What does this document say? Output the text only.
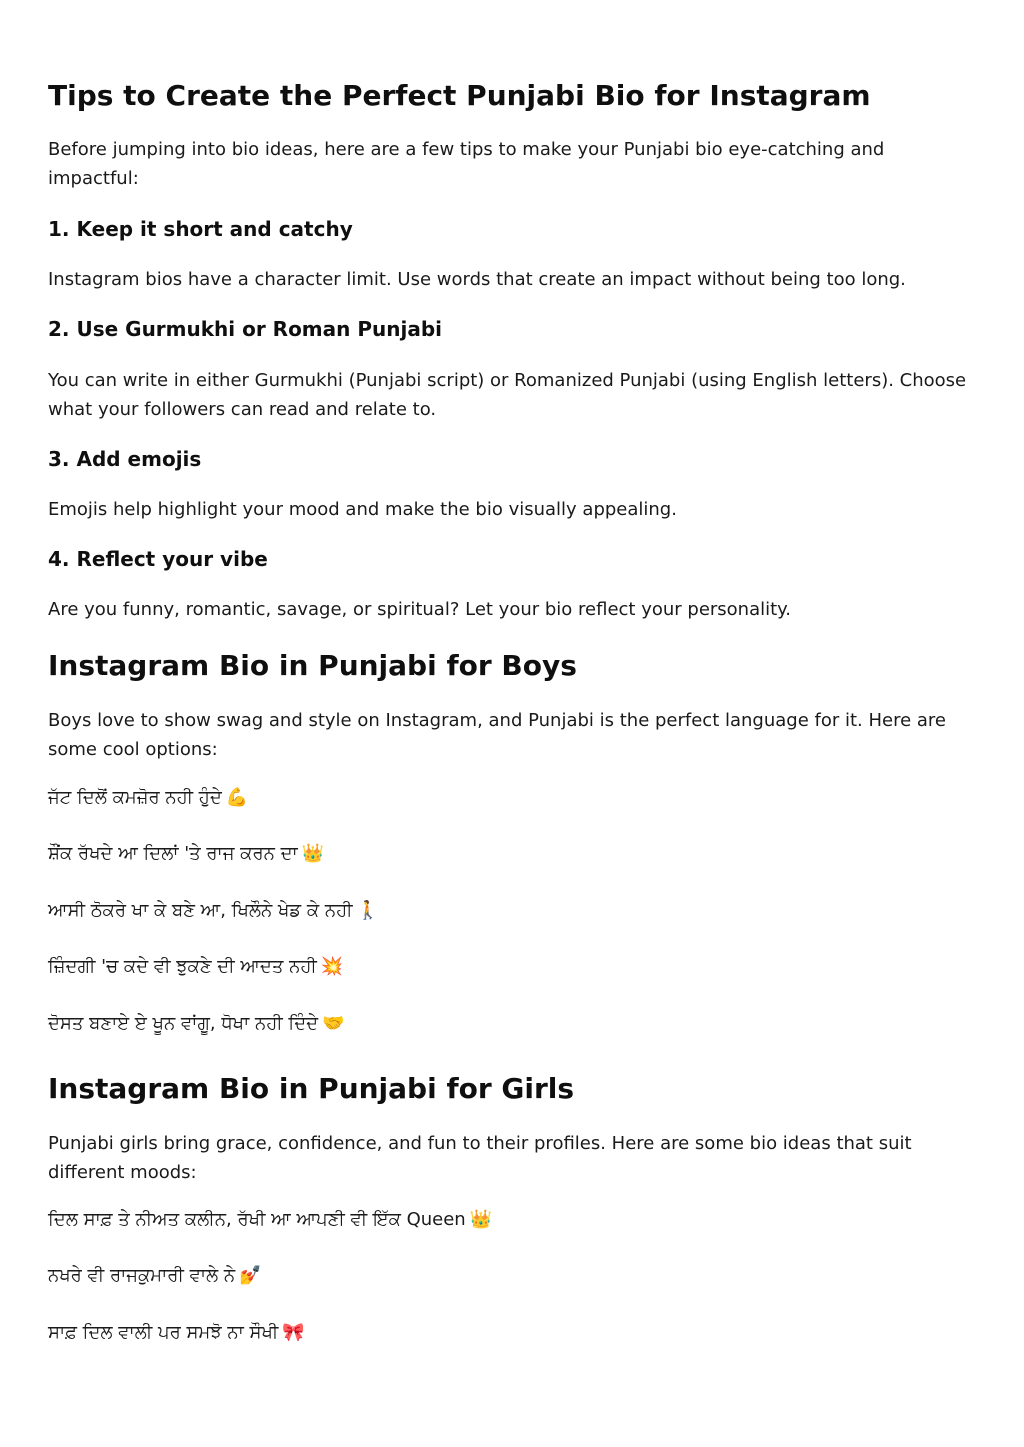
Tips to Create the Perfect Punjabi Bio for Instagram

Before jumping into bio ideas, here are a few tips to make your Punjabi bio eye-catching and impactful:

1. Keep it short and catchy

Instagram bios have a character limit. Use words that create an impact without being too long.

2. Use Gurmukhi or Roman Punjabi

You can write in either Gurmukhi (Punjabi script) or Romanized Punjabi (using English letters). Choose what your followers can read and relate to.

3. Add emojis

Emojis help highlight your mood and make the bio visually appealing.

4. Reflect your vibe

Are you funny, romantic, savage, or spiritual? Let your bio reflect your personality.

Instagram Bio in Punjabi for Boys

Boys love to show swag and style on Instagram, and Punjabi is the perfect language for it. Here are some cool options:

ਜੱਟ ਦਿਲੋਂ ਕਮਜ਼ੋਰ ਨਹੀ ਹੁੰਦੇ 💪
ਸ਼ੌਂਕ ਰੱਖਦੇ ਆ ਦਿਲਾਂ 'ਤੇ ਰਾਜ ਕਰਨ ਦਾ 👑
ਆਸੀ ਠੋਕਰੇ ਖਾ ਕੇ ਬਣੇ ਆ, ਖਿਲੌਨੇ ਖੇਡ ਕੇ ਨਹੀ 🚶
ਜ਼ਿੰਦਗੀ 'ਚ ਕਦੇ ਵੀ ਝੁਕਣੇ ਦੀ ਆਦਤ ਨਹੀ 💥
ਦੋਸਤ ਬਣਾਏ ਏ ਖੂਨ ਵਾਂਗੂ, ਧੋਖਾ ਨਹੀ ਦਿੰਦੇ 🤝
Instagram Bio in Punjabi for Girls

Punjabi girls bring grace, confidence, and fun to their profiles. Here are some bio ideas that suit different moods:

ਦਿਲ ਸਾਫ਼ ਤੇ ਨੀਅਤ ਕਲੀਨ, ਰੱਖੀ ਆ ਆਪਣੀ ਵੀ ਇੱਕ Queen 👑
ਨਖਰੇ ਵੀ ਰਾਜਕੁਮਾਰੀ ਵਾਲੇ ਨੇ 💅
ਸਾਫ਼ ਦਿਲ ਵਾਲੀ ਪਰ ਸਮਝੋ ਨਾ ਸੌਖੀ 🎀
